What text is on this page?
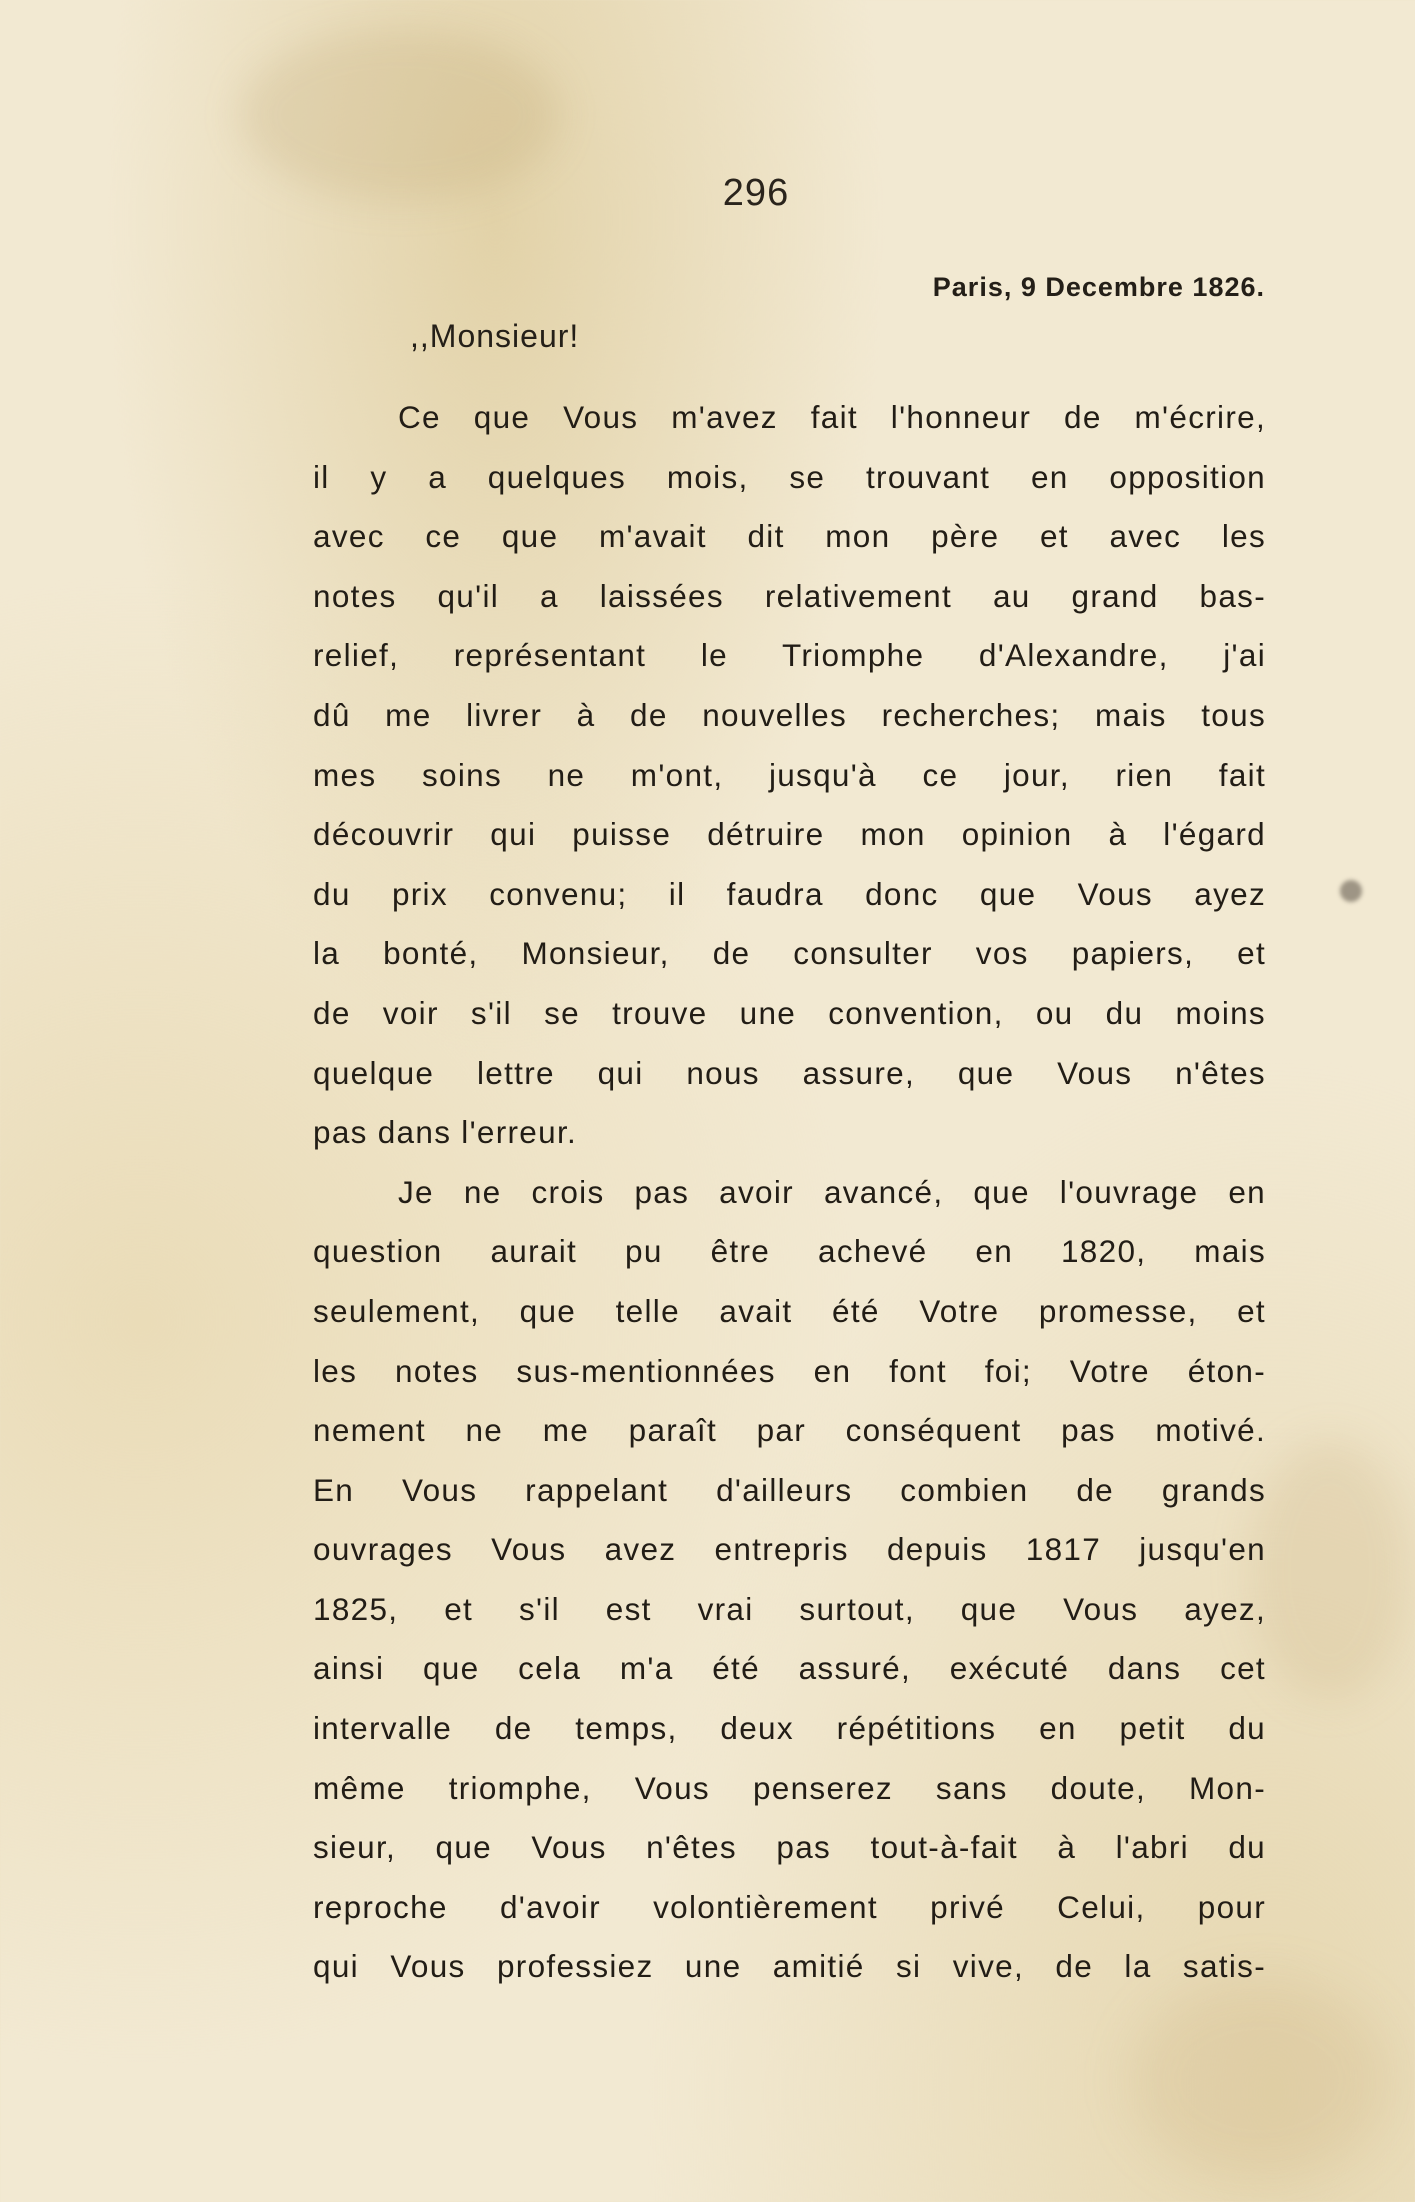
296
Paris, 9 Decembre 1826.
,,Monsieur!
Ce que Vous m'avez fait l'honneur de m'écrire,
il y a quelques mois, se trouvant en opposition
avec ce que m'avait dit mon père et avec les
notes qu'il a laissées relativement au grand bas-
relief, représentant le Triomphe d'Alexandre, j'ai
dû me livrer à de nouvelles recherches; mais tous
mes soins ne m'ont, jusqu'à ce jour, rien fait
découvrir qui puisse détruire mon opinion à l'égard
du prix convenu; il faudra donc que Vous ayez
la bonté, Monsieur, de consulter vos papiers, et
de voir s'il se trouve une convention, ou du moins
quelque lettre qui nous assure, que Vous n'êtes
pas dans l'erreur.
Je ne crois pas avoir avancé, que l'ouvrage en
question aurait pu être achevé en 1820, mais
seulement, que telle avait été Votre promesse, et
les notes sus-mentionnées en font foi; Votre éton-
nement ne me paraît par conséquent pas motivé.
En Vous rappelant d'ailleurs combien de grands
ouvrages Vous avez entrepris depuis 1817 jusqu'en
1825, et s'il est vrai surtout, que Vous ayez,
ainsi que cela m'a été assuré, exécuté dans cet
intervalle de temps, deux répétitions en petit du
même triomphe, Vous penserez sans doute, Mon-
sieur, que Vous n'êtes pas tout-à-fait à l'abri du
reproche d'avoir volontièrement privé Celui, pour
qui Vous professiez une amitié si vive, de la satis-
